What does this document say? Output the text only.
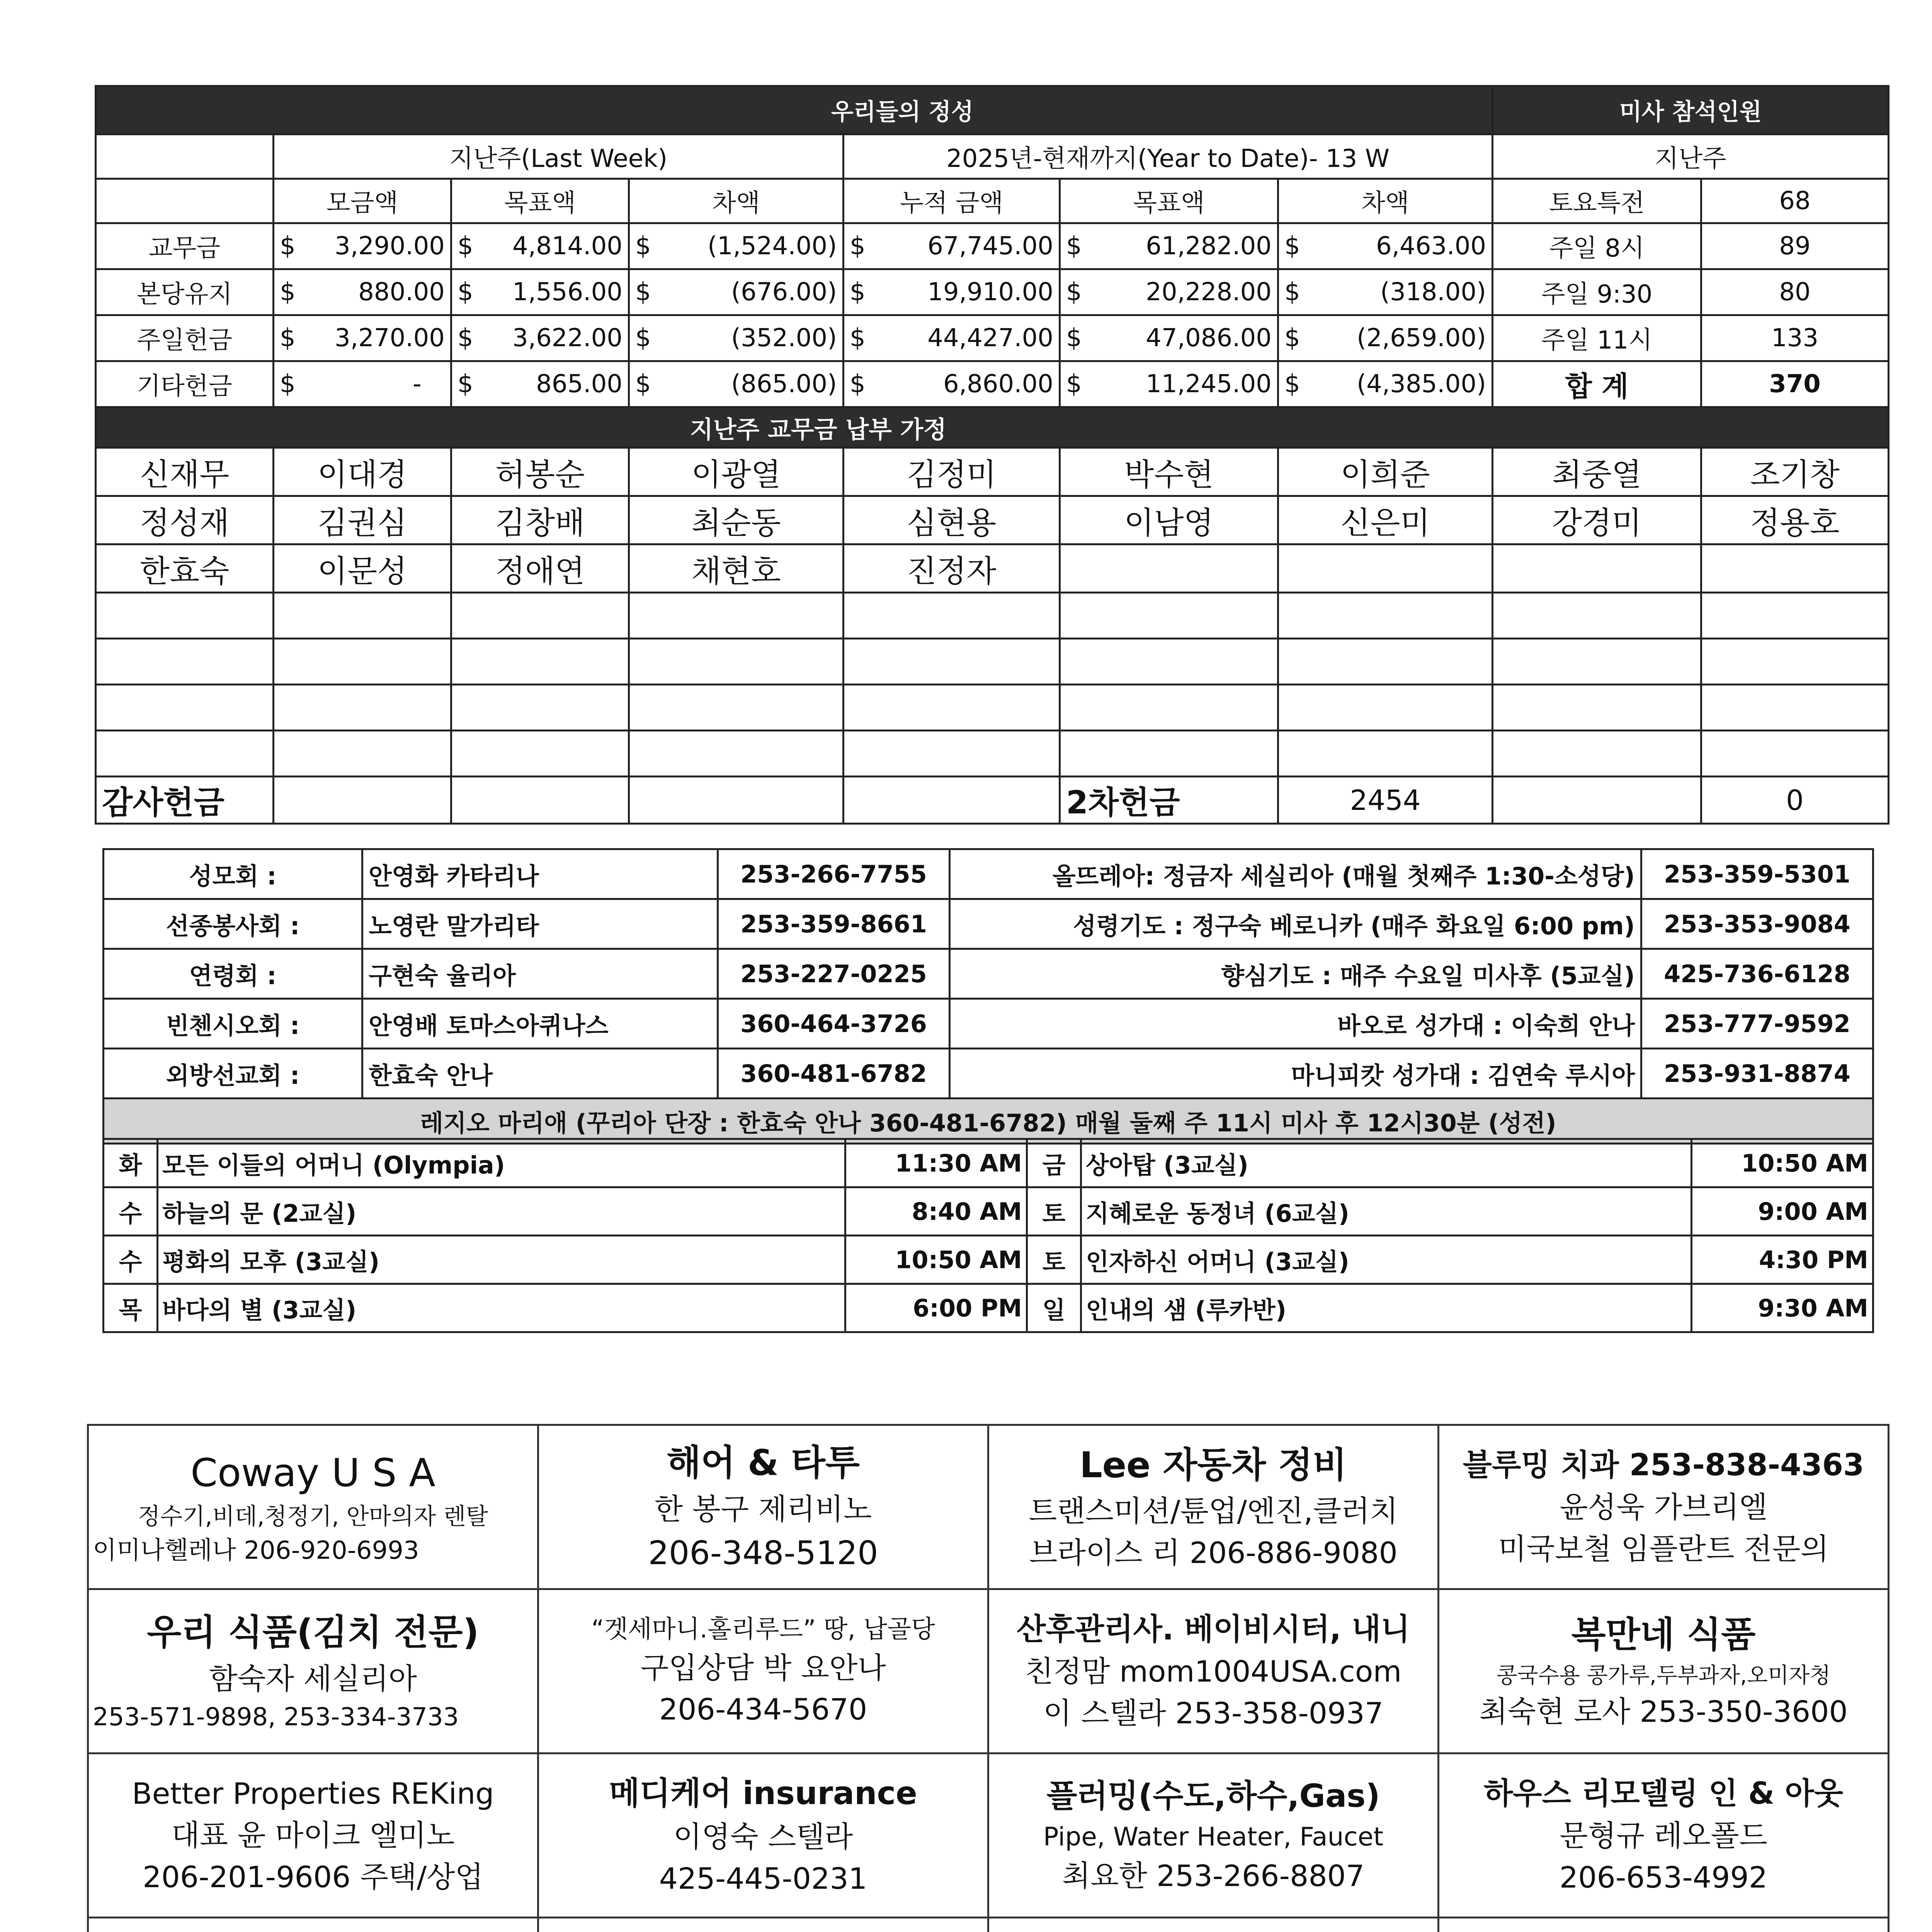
우리들의 정성							미사 참석인원	
	지난주(Last Week)			2025년-현재까지(Year to Date)- 13 W			지난주	
	모금액	목표액	차액	누적 금액	목표액	차액	토요특전	68
교무금	$ 3,290.00	$ 4,814.00	$ (1,524.00)	$ 67,745.00	$ 61,282.00	$ 6,463.00	주일 8시	89
본당유지	$ 880.00	$ 1,556.00	$ (676.00)	$ 19,910.00	$ 20,228.00	$ (318.00)	주일 9:30	80
주일헌금	$ 3,270.00	$ 3,622.00	$ (352.00)	$ 44,427.00	$ 47,086.00	$ (2,659.00)	주일 11시	133
기타헌금	$ -	$ 865.00	$ (865.00)	$ 6,860.00	$ 11,245.00	$ (4,385.00)	합 계	370
지난주 교무금 납부 가정								
신재무	이대경	허봉순	이광열	김정미	박수현	이희준	최중열	조기창
정성재	김권심	김창배	최순동	심현용	이남영	신은미	강경미	정용호
한효숙	이문성	정애연	채현호	진정자				

감사헌금					2차헌금	2454		0
성모회 :	안영화 카타리나	253-266-7755	올뜨레아: 정금자 세실리아 (매월 첫째주 1:30-소성당)	253-359-5301
선종봉사회 :	노영란 말가리타	253-359-8661	성령기도 : 정구숙 베로니카 (매주 화요일 6:00 pm)	253-353-9084
연령회 :	구현숙 율리아	253-227-0225	향심기도 : 매주 수요일 미사후 (5교실)	425-736-6128
빈첸시오회 :	안영배 토마스아퀴나스	360-464-3726	바오로 성가대 : 이숙희 안나	253-777-9592
외방선교회 :	한효숙 안나	360-481-6782	마니피캇 성가대 : 김연숙 루시아	253-931-8874
레지오 마리애 (꾸리아 단장 : 한효숙 안나 360-481-6782) 매월 둘째 주 11시 미사 후 12시30분 (성전)				
화	모든 이들의 어머니 (Olympia)	11:30 AM	금	상아탑 (3교실)	10:50 AM
수	하늘의 문 (2교실)	8:40 AM	토	지혜로운 동정녀 (6교실)	9:00 AM
수	평화의 모후 (3교실)	10:50 AM	토	인자하신 어머니 (3교실)	4:30 PM
목	바다의 별 (3교실)	6:00 PM	일	인내의 샘 (루카반)	9:30 AM
Coway U S A
정수기,비데,청정기, 안마의자 렌탈
이미나헬레나 206-920-6993	해어 & 타투
한 봉구 제리비노
206-348-5120	Lee 자동차 정비
트랜스미션/튠업/엔진,클러치
브라이스 리 206-886-9080	블루밍 치과 253-838-4363
윤성욱 가브리엘
미국보철 임플란트 전문의

우리 식품(김치 전문)
함숙자 세실리아
253-571-9898, 253-334-3733	“겟세마니.홀리루드” 땅, 납골당
구입상담 박 요안나
206-434-5670	산후관리사. 베이비시터, 내니
친정맘 mom1004USA.com
이 스텔라 253-358-0937	복만네 식품
콩국수용 콩가루,두부과자,오미자청
최숙현 로사 253-350-3600

Better Properties REKing
대표 윤 마이크 엘미노
206-201-9606 주택/상업	메디케어 insurance
이영숙 스텔라
425-445-0231	플러밍(수도,하수,Gas)
Pipe, Water Heater, Faucet
최요한 253-266-8807	하우스 리모델링 인 & 아웃
문형규 레오폴드
206-653-4992
